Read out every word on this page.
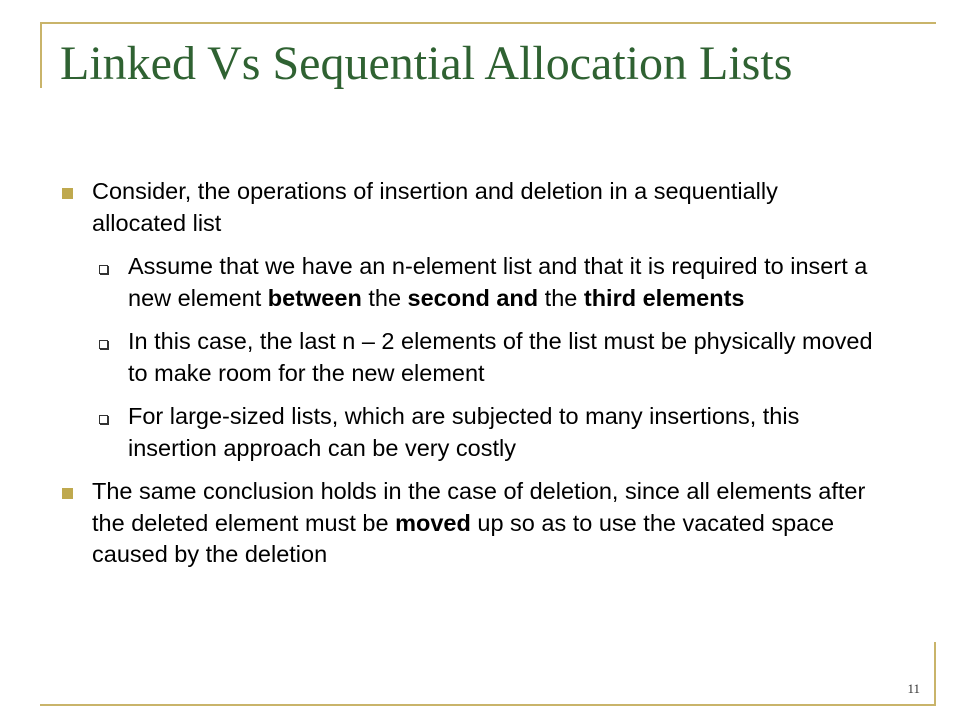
Linked Vs Sequential Allocation Lists
Consider, the operations of insertion and deletion in a sequentially allocated list
Assume that we have an n-element list and that it is required to insert a new element between the second and the third elements
In this case, the last n – 2 elements of the list must be physically moved to make room for the new element
For large-sized lists, which are subjected to many insertions, this insertion approach can be very costly
The same conclusion holds in the case of deletion, since all elements after the deleted element must be moved up so as to use the vacated space caused by the deletion
11
